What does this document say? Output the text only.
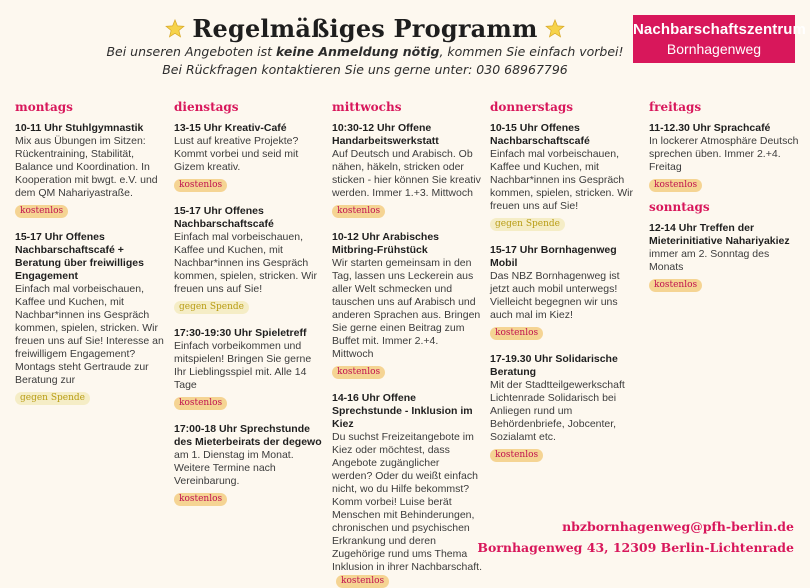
Regelmäßiges Programm
Bei unseren Angeboten ist keine Anmeldung nötig, kommen Sie einfach vorbei!
Bei Rückfragen kontaktieren Sie uns gerne unter: 030 68967796
Nachbarschaftszentrum
Bornhagenweg
montags
10-11 Uhr Stuhlgymnastik
Mix aus Übungen im Sitzen: Rückentraining, Stabilität, Balance und Koordination. In Kooperation mit bwgt. e.V. und dem QM Nahariyastraße.
kostenlos
15-17 Uhr Offenes Nachbarschaftscafé + Beratung über freiwilliges Engagement
Einfach mal vorbeischauen, Kaffee und Kuchen, mit Nachbar*innen ins Gespräch kommen, spielen, stricken. Wir freuen uns auf Sie! Interesse an freiwilligem Engagement? Montags steht Gertraude zur Beratung zur
gegen Spende
dienstags
13-15 Uhr Kreativ-Café
Lust auf kreative Projekte? Kommt vorbei und seid mit Gizem kreativ.
kostenlos
15-17 Uhr Offenes Nachbarschaftscafé
Einfach mal vorbeischauen, Kaffee und Kuchen, mit Nachbar*innen ins Gespräch kommen, spielen, stricken. Wir freuen uns auf Sie!
gegen Spende
17:30-19:30 Uhr Spieletreff
Einfach vorbeikommen und mitspielen! Bringen Sie gerne Ihr Lieblingsspiel mit. Alle 14 Tage
kostenlos
17:00-18 Uhr Sprechstunde des Mieterbeirats der degewo
am 1. Dienstag im Monat. Weitere Termine nach Vereinbarung.
kostenlos
mittwochs
10:30-12 Uhr Offene Handarbeitswerkstatt
Auf Deutsch und Arabisch. Ob nähen, häkeln, stricken oder sticken - hier können Sie kreativ werden. Immer 1.+3. Mittwoch
kostenlos
10-12 Uhr Arabisches Mitbring-Frühstück
Wir starten gemeinsam in den Tag, lassen uns Leckerein aus aller Welt schmecken und tauschen uns auf Arabisch und anderen Sprachen aus. Bringen Sie gerne einen Beitrag zum Buffet mit. Immer 2.+4. Mittwoch
kostenlos
14-16 Uhr Offene Sprechstunde - Inklusion im Kiez
Du suchst Freizeitangebote im Kiez oder möchtest, dass Angebote zugänglicher werden? Oder du weißt einfach nicht, wo du Hilfe bekommst? Komm vorbei! Luise berät Menschen mit Behinderungen, chronischen und psychischen Erkrankung und deren Zugehörige rund ums Thema Inklusion in ihrer Nachbarschaft. kostenlos
donnerstags
10-15 Uhr Offenes Nachbarschaftscafé
Einfach mal vorbeischauen, Kaffee und Kuchen, mit Nachbar*innen ins Gespräch kommen, spielen, stricken. Wir freuen uns auf Sie!
gegen Spende
15-17 Uhr Bornhagenweg Mobil
Das NBZ Bornhagenweg ist jetzt auch mobil unterwegs! Vielleicht begegnen wir uns auch mal im Kiez!
kostenlos
17-19.30 Uhr Solidarische Beratung
Mit der Stadtteilgewerkschaft Lichtenrade Solidarisch bei Anliegen rund um Behördenbriefe, Jobcenter, Sozialamt etc.
kostenlos
freitags
11-12.30 Uhr Sprachcafé
In lockerer Atmosphäre Deutsch sprechen üben. Immer 2.+4. Freitag
kostenlos
sonntags
12-14 Uhr Treffen der Mieterinitiative Nahariyakiez
immer am 2. Sonntag des Monats
kostenlos
nbzbornhagenweg@pfh-berlin.de
Bornhagenweg 43, 12309 Berlin-Lichtenrade
